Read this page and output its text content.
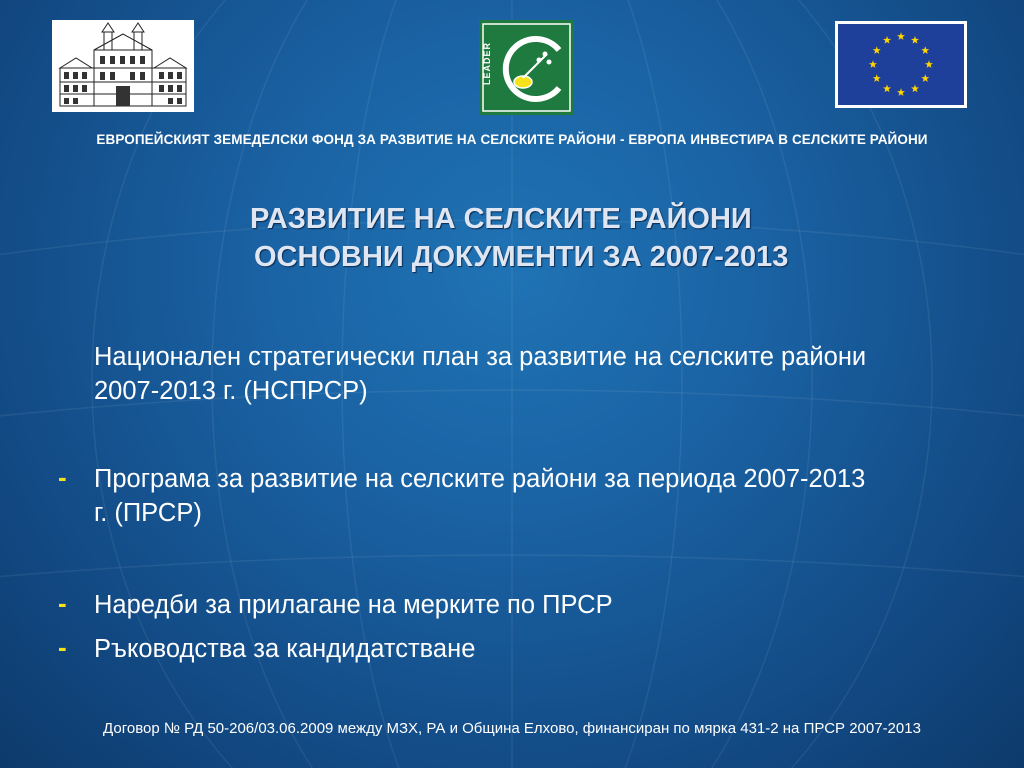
LEADER
ЕВРОПЕЙСКИЯТ ЗЕМЕДЕЛСКИ ФОНД ЗА РАЗВИТИЕ НА СЕЛСКИТЕ РАЙОНИ - ЕВРОПА ИНВЕСТИРА В СЕЛСКИТЕ РАЙОНИ
РАЗВИТИЕ НА СЕЛСКИТЕ РАЙОНИ
ОСНОВНИ ДОКУМЕНТИ ЗА 2007-2013
Национален стратегически план за развитие на селските райони
2007-2013 г. (НСПРСР)
- Програма за развитие на селските райони за периода 2007-2013
г. (ПРСР)
- Наредби за прилагане на мерките по ПРСР
- Ръководства за кандидатстване
Договор № РД 50-206/03.06.2009 между МЗХ, РА и Община Елхово, финансиран по мярка 431-2 на ПРСР 2007-2013
